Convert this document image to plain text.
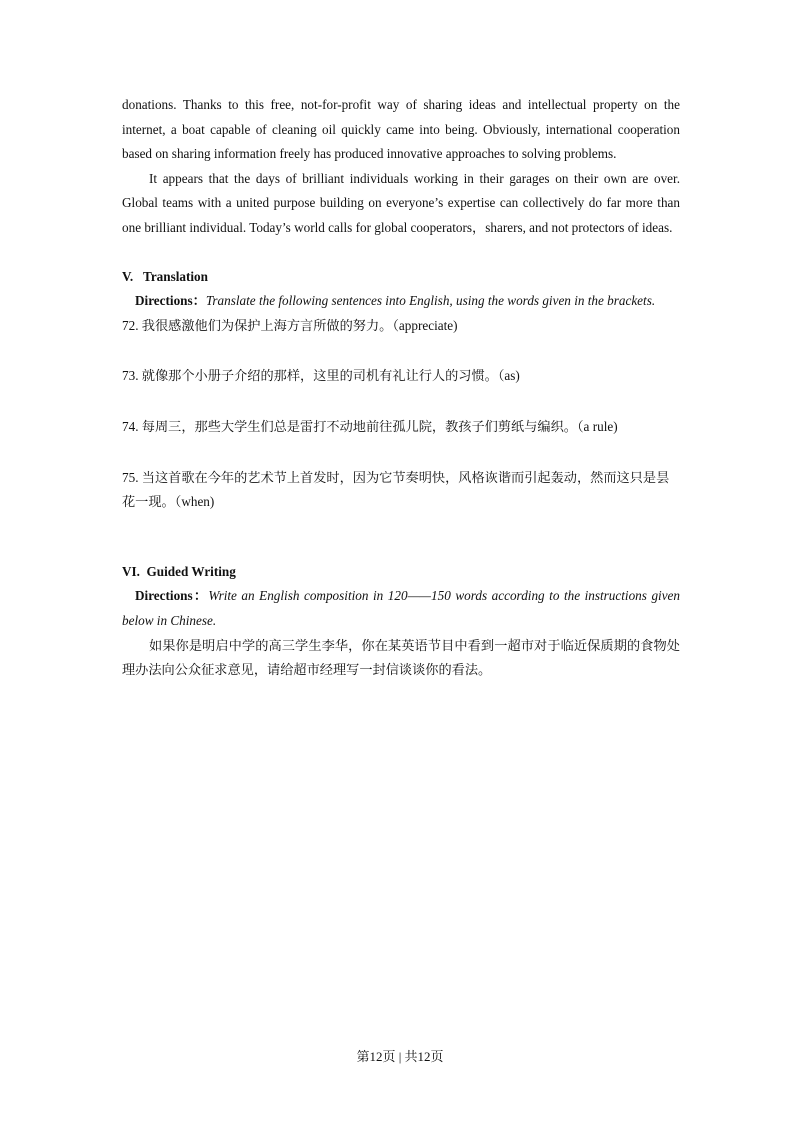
donations. Thanks to this free, not-for-profit way of sharing ideas and intellectual property on the internet, a boat capable of cleaning oil quickly came into being. Obviously, international cooperation based on sharing information freely has produced innovative approaches to solving problems.

It appears that the days of brilliant individuals working in their garages on their own are over. Global teams with a united purpose building on everyone’s expertise can collectively do far more than one brilliant individual. Today’s world calls for global cooperators，sharers, and not protectors of ideas.

V.   Translation

Directions：Translate the following sentences into English, using the words given in the brackets.

72. 我很感激他们为保护上海方言所做的努力。（appreciate)

73. 就像那个小册子介绍的那样，这里的司机有礼让行人的习惯。（as)

74. 每周三，那些大学生们总是雷打不动地前往孤儿院，教孩子们剪纸与编织。（a rule)

75. 当这首歌在今年的艺术节上首发时，因为它节奏明快，风格诙谐而引起轰动，然而这只是昙花一现。（when)

VI.  Guided Writing

Directions：Write an English composition in 120——150 words according to the instructions given below in Chinese.

如果你是明启中学的高三学生李华，你在某英语节目中看到一超市对于临近保质期的食物处理办法向公众征求意见，请给超市经理写一封信谈谈你的看法。

第12页 | 共12页
